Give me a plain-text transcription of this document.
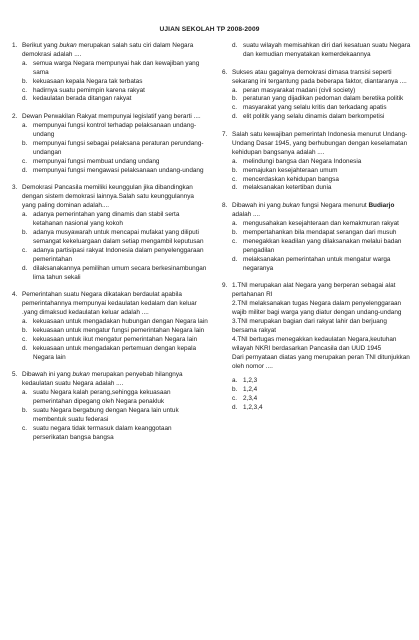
UJIAN SEKOLAH TP 2008-2009
1. Berikut yang bukan merupakan salah satu ciri dalam Negara demokrasi adalah ....
a. semua warga Negara mempunyai hak dan kewajiban yang sama
b. kekuasaan kepala Negara tak terbatas
c. hadirnya suatu pemimpin karena rakyat
d. kedaulatan berada ditangan rakyat
2. Dewan Perwakilan Rakyat mempunyai legislatif yang berarti ....
a. mempunyai fungsi kontrol terhadap pelaksanaan undang-undang
b. mempunyai fungsi sebagai pelaksana peraturan perundang-undangan
c. mempunyai fungsi membuat undang undang
d. mempunyai fungsi mengawasi pelaksanaan undang-undang
3. Demokrasi Pancasila memiliki keunggulan jika dibandingkan dengan sistem demokrasi lainnya.Salah satu keunggulannya yang paling dominan adalah....
a. adanya pemerintahan yang dinamis dan stabil serta ketahanan nasional yang kokoh
b. adanya musyawarah untuk mencapai mufakat yang diliputi semangat kekeluargaan dalam setiap mengambil keputusan
c. adanya partisipasi rakyat Indonesia dalam penyelenggaraan pemerintahan
d. dilaksanakannya pemilihan umum secara berkesinambungan lima tahun sekali
4. Pemerintahan suatu Negara dikatakan berdaulat apabila pemerintahannya mempunyai kedaulatan kedalam dan keluar .yang dimaksud kedaulatan keluar adalah ....
a. kekuasaan untuk mengadakan hubungan dengan Negara lain
b. kekuasaan untuk mengatur fungsi pemerintahan Negara lain
c. kekuasaan untuk ikut mengatur pemerintahan Negara lain
d. kekuasaan untuk mengadakan pertemuan dengan kepala Negara lain
5. Dibawah ini yang bukan merupakan penyebab hilangnya kedaulatan suatu Negara adalah ....
a. suatu Negara kalah perang,sehingga kekuasaan pemerintahan dipegang oleh Negara penakluk
b. suatu Negara bergabung dengan Negara lain untuk membentuk suatu federasi
c. suatu negara tidak termasuk dalam keanggotaan perserikatan bangsa bangsa
d. suatu wilayah memisahkan diri dari kesatuan suatu Negara dan kemudian menyatakan kemerdekaannya
6. Sukses atau gagalnya demokrasi dimasa transisi seperti sekarang ini tergantung pada beberapa faktor, diantaranya ....
a. peran masyarakat madani (civil society)
b. peraturan yang dijadikan pedoman dalam beretika politik
c. masyarakat yang selalu kritis dan terkadang apatis
d. elit politik yang selalu dinamis dalam berkompetisi
7. Salah satu kewajiban pemerintah Indonesia menurut Undang-Undang Dasar 1945, yang berhubungan dengan keselamatan kehidupan bangsanya adalah ....
a. melindungi bangsa dan Negara Indonesia
b. memajukan kesejahteraan umum
c. mencerdaskan kehidupan bangsa
d. melaksanakan ketertiban dunia
8. Dibawah ini yang bukan fungsi Negara menurut Budiarjo adalah ....
a. mengusahakan kesejahteraan dan kemakmuran rakyat
b. mempertahankan bila mendapat serangan dari musuh
c. menegakkan keadilan yang dilaksanakan melalui badan pengadilan
d. melaksanakan pemerintahan untuk mengatur warga negaranya
9. 1.TNI merupakan alat Negara yang berperan sebagai alat pertahanan RI
2.TNI melaksanakan tugas Negara dalam penyelenggaraan wajib militer bagi warga yang diatur dengan undang-undang
3.TNI merupakan bagian dari rakyat lahir dan berjuang bersama rakyat
4.TNI bertugas menegakkan kedaulatan Negara,keutuhan wilayah NKRI berdasarkan Pancasila dan UUD 1945
Dari pernyataan diatas yang merupakan peran TNI ditunjukkan oleh nomor ....
a. 1,2,3
b. 1,2,4
c. 2,3,4
d. 1,2,3,4
